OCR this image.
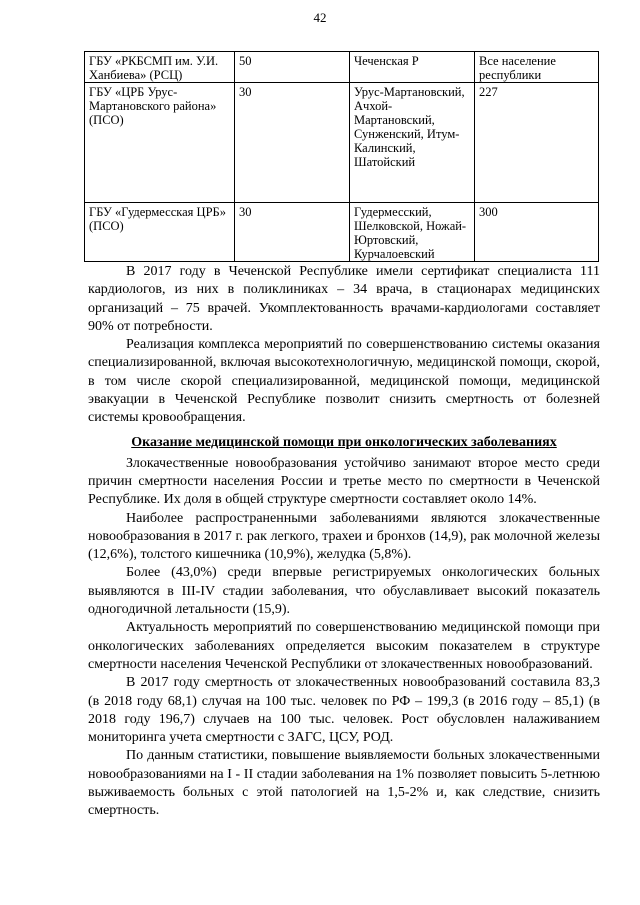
42
ГБУ «РКБСМП им. У.И. Ханбиева» (РСЦ)	50	Чеченская Р	Все население республики
ГБУ «ЦРБ Урус-Мартановского района» (ПСО)	30	Урус-Мартановский, Ачхой-Мартановский, Сунженский, Итум-Калинский, Шатойский	227
ГБУ «Гудермесская ЦРБ» (ПСО)	30	Гудермесский, Шелковской, Ножай-Юртовский, Курчалоевский	300

В 2017 году в Чеченской Республике имели сертификат специалиста 111 кардиологов, из них в поликлиниках – 34 врача, в стационарах медицинских организаций – 75 врачей. Укомплектованность врачами-кардиологами составляет 90% от потребности.

Реализация комплекса мероприятий по совершенствованию системы оказания специализированной, включая высокотехнологичную, медицинской помощи, скорой, в том числе скорой специализированной, медицинской помощи, медицинской эвакуации в Чеченской Республике позволит снизить смертность от болезней системы кровообращения.

Оказание медицинской помощи при онкологических заболеваниях

Злокачественные новообразования устойчиво занимают второе место среди причин смертности населения России и третье место по смертности в Чеченской Республике. Их доля в общей структуре смертности составляет около 14%.

Наиболее распространенными заболеваниями являются злокачественные новообразования в 2017 г. рак легкого, трахеи и бронхов (14,9), рак молочной железы (12,6%), толстого кишечника (10,9%), желудка (5,8%).

Более (43,0%) среди впервые регистрируемых онкологических больных выявляются в III-IV стадии заболевания, что обуславливает высокий показатель одногодичной летальности (15,9).

Актуальность мероприятий по совершенствованию медицинской помощи при онкологических заболеваниях определяется высоким показателем в структуре смертности населения Чеченской Республики от злокачественных новообразований.

В 2017 году смертность от злокачественных новообразований составила 83,3 (в 2018 году 68,1) случая на 100 тыс. человек по РФ – 199,3 (в 2016 году – 85,1) (в 2018 году 196,7) случаев на 100 тыс. человек. Рост обусловлен налаживанием мониторинга учета смертности с ЗАГС, ЦСУ, РОД.

По данным статистики, повышение выявляемости больных злокачественными новообразованиями на I - II стадии заболевания на 1% позволяет повысить 5-летнюю выживаемость больных с этой патологией на 1,5-2% и, как следствие, снизить смертность.
